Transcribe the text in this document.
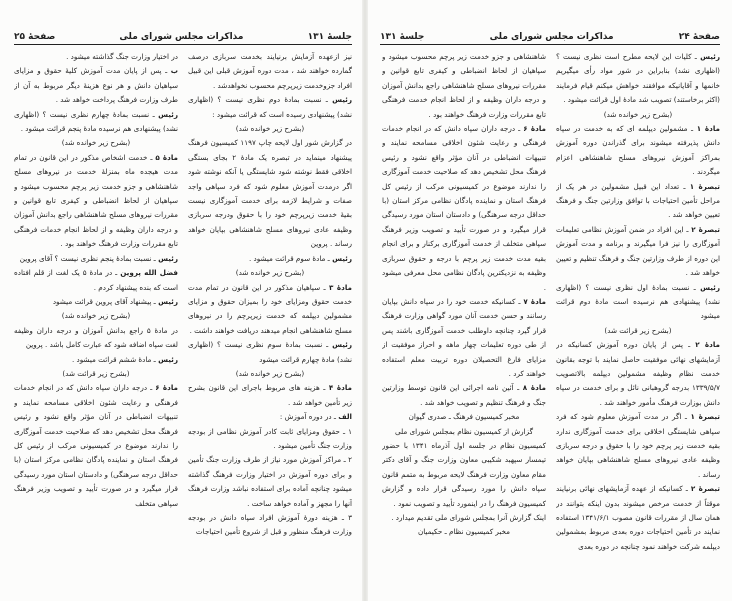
جلسهٔ ۱۳۱
مذاکرات مجلس شورای ملی
صفحهٔ ۲۵

در اختیار وزارت جنگ گذاشته میشود .

ب ـ پس از پایان مدت آموزش کلیهٔ حقوق و مزایای سپاهیان دانش و هر نوع هزینهٔ دیگر مربوط به آن از طرف وزارت فرهنگ پرداخت خواهد شد .

رئیس ـ نسبت بمادهٔ چهارم نظری نیست ؟ (اظهاری نشد) پیشنهادی هم نرسیده مادهٔ پنجم قرائت میشود .

(بشرح زیر خوانده شد)

مادهٔ ۵ ـ خدمت اشخاص مذکور در این قانون در تمام مدت هیجده ماه بمنزلهٔ خدمت در نیروهای مسلح شاهنشاهی و جزو خدمت زیر پرچم محسوب میشود و سپاهیان از لحاظ انضباطی و کیفری تابع قوانین و مقررات نیروهای مسلح شاهنشاهی راجع بدانش آموزان و درجه داران وظیفه و از لحاظ انجام خدمات فرهنگی تابع مقررات وزارت فرهنگ خواهند بود .

رئیس ـ نسبت بمادهٔ پنجم نظری نیست ؟ آقای پروین

فضل الله پروین ـ در مادهٔ ۵ یک لغت از قلم افتاده است که بنده پیشنهاد کردم .

رئیس ـ پیشنهاد آقای پروین قرائت میشود

(بشرح زیر خوانده شد)

در مادهٔ ۵ راجع بدانش آموزان و درجه داران وظیفه لغت سپاه اضافه شود که عبارت کامل باشد . پروین

رئیس ـ مادهٔ ششم قرائت میشود .

(بشرح زیر قرائت شد)

مادهٔ ۶ ـ درجه داران سپاه دانش که در انجام خدمات فرهنگی و رعایت شئون اخلاقی مسامحه نمایند و تنبیهات انضباطی در آنان مؤثر واقع نشود و رئیس فرهنگ محل تشخیص دهد که صلاحیت خدمت آموزگاری را ندارند موضوع در کمیسیونی مرکب از رئیس کل فرهنگ استان و نماینده پادگان نظامی مرکز استان (با حداقل درجه سرهنگی) و دادستان استان مورد رسیدگی قرار میگیرد و در صورت تأیید و تصویب وزیر فرهنگ سپاهی متخلف

نیز ازعهده آزمایش برنیایند بخدمت سربازی درصف گمارده خواهند شد ، مدت دوره آموزش قبلی این قبیل افراد جزوخدمت زیرپرچم محسوب نخواهدشد .

رئیس ـ نسبت بمادهٔ دوم نظری نیست ؟ (اظهاری نشد) پیشنهادی رسیده است که قرائت میشود :

(بشرح زیر خوانده شد)

در گزارش شور اول لایحه چاپ ۱۱۹۷ کمیسیون فرهنگ پیشنهاد مینماید در تبصره یک مادهٔ ۲ بجای بستگی اخلاقی فقط نوشته شود شایستگی یا آنکه نوشته شود اگر درمدت آموزش معلوم شود که فرد سپاهی واجد صفات و شرایط لازمه برای خدمت آموزگاری نیست بقیهٔ خدمت زیرپرچم خود را با حقوق ودرجه سربازی وظیفه عادی نیروهای مسلح شاهنشاهی بپایان خواهد رساند . پروین

رئیس ـ مادهٔ سوم قرائت میشود .

(بشرح زیر خوانده شد)

مادهٔ ۳ ـ سپاهیان مذکور در این قانون در تمام مدت خدمت حقوق ومزایای خود را بمیزان حقوق و مزایای مشمولین دیپلمه که خدمت زیرپرچم را در نیروهای مسلح شاهنشاهی انجام میدهند دریافت خواهند داشت .

رئیس ـ نسبت بمادهٔ سوم نظری نیست ؟ (اظهاری نشد) مادهٔ چهارم قرائت میشود

(بشرح زیر خوانده شد)

مادهٔ ۴ ـ هزینه های مربوط باجرای این قانون بشرح زیر تأمین خواهد شد .

الف ـ در دوره آموزش :

۱ ـ حقوق ومزایای ثابت کادر آموزش نظامی از بودجه وزارت جنگ تأمین میشود .

۲ ـ مراکز آموزش مورد نیاز از طرف وزارت جنگ تأمین و برای دوره آموزش در اختیار وزارت فرهنگ گذاشته میشود چنانچه آماده برای استفاده نباشد وزارت فرهنگ آنها را مجهز و آماده خواهد ساخت .

۳ ـ هزینه دورهٔ آموزش افراد سپاه دانش در بودجه وزارت فرهنگ منظور و قبل از شروع تأمین احتیاجات

صفحهٔ ۲۴
مذاکرات مجلس شورای ملی
جلسهٔ ۱۳۱

شاهنشاهی و جزو خدمت زیر پرچم محسوب میشود و سپاهیان از لحاظ انضباطی و کیفری تابع قوانین و مقررات نیروهای مسلح شاهنشاهی راجع بدانش آموزان و درجه داران وظیفه و از لحاظ انجام خدمت فرهنگی تابع مقررات وزارت فرهنگ خواهند بود .

مادهٔ ۶ ـ درجه داران سپاه دانش که در انجام خدمات فرهنگی و رعایت شئون اخلاقی مسامحه نمایند و تنبیهات انضباطی در آنان مؤثر واقع نشود و رئیس فرهنگ محل تشخیص دهد که صلاحیت خدمت آموزگاری را ندارند موضوع در کمیسیونی مرکب از رئیس کل فرهنگ استان و نماینده پادگان نظامی مرکز استان (با حداقل درجه سرهنگی) و دادستان استان مورد رسیدگی قرار میگیرد و در صورت تأیید و تصویب وزیر فرهنگ سپاهی متخلف از خدمت آموزگاری برکنار و برای انجام بقیه مدت خدمت زیر پرچم با درجه و حقوق سربازی وظیفه به نزدیکترین پادگان نظامی محل معرفی میشود .

مادهٔ ۷ ـ کسانیکه خدمت خود را در سپاه دانش بپایان رسانند و حسن خدمت آنان مورد گواهی وزارت فرهنگ قرار گیرد چنانچه داوطلب خدمت آموزگاری باشند پس از طی دوره تعلیمات چهار ماهه و احراز موفقیت از مزایای فارغ التحصیلان دوره تربیت معلم استفاده خواهند کرد .

مادهٔ ۸ ـ آئین نامه اجرائی این قانون توسط وزارتین جنگ و فرهنگ تنظیم و تصویب خواهد شد .

مخبر کمیسیون فرهنگ ـ صدری گیوان

گزارش از کمیسیون نظام بمجلس شورای ملی

کمیسیون نظام در جلسه اول آذرماه ۱۳۴۱ با حضور تیمسار سپهبد شکیبی معاون وزارت جنگ و آقای دکتر مقام معاون وزارت فرهنگ لایحه مربوط به متمم قانون سپاه دانش را مورد رسیدگی قرار داده و گزارش کمیسیون فرهنگ را در اینمورد تأیید و تصویب نمود .

اینک گزارش آنرا بمجلس شورای ملی تقدیم میدارد .

مخبر کمیسیون نظام ـ حکیمیان

رئیس ـ کلیات این لایحه مطرح است نظری نیست ؟ (اظهاری نشد) بنابراین در شور مواد رأی میگیریم خانمها و آقایانیکه موافقند خواهش میکنم قیام فرمایند (اکثر برخاستند) تصویب شد مادهٔ اول قرائت میشود .

(بشرح زیر خوانده شد)

مادهٔ ۱ ـ مشمولین دیپلمه ای که به خدمت در سپاه دانش پذیرفته میشوند برای گذراندن دوره آموزش بمراکز آموزش نیروهای مسلح شاهنشاهی اعزام میگردند .

تبصرهٔ ۱ ـ تعداد این قبیل مشمولین در هر یک از مراحل تأمین احتیاجات با توافق وزارتین جنگ و فرهنگ تعیین خواهد شد .

تبصرهٔ ۲ ـ این افراد در ضمن آموزش نظامی تعلیمات آموزگاری را نیز فرا میگیرند و برنامه و مدت آموزش این دوره از طرف وزارتین جنگ و فرهنگ تنظیم و تعیین خواهد شد .

رئیس ـ نسبت بمادهٔ اول نظری نیست ؟ (اظهاری نشد) پیشنهادی هم نرسیده است مادهٔ دوم قرائت میشود

(بشرح زیر قرائت شد)

مادهٔ ۲ ـ پس از پایان دوره آموزش کسانیکه در آزمایشهای نهائی موفقیت حاصل نمایند با توجه بقانون خدمت نظام وظیفه مشمولین دیپلمه بالاتصویب ۱۳۳۹/۵/۷ بدرجه گروهبانی نائل و برای خدمت در سپاه دانش بوزارت فرهنگ مأمور خواهند شد .

تبصرهٔ ۱ ـ اگر در مدت آموزش معلوم شود که فرد سپاهی شایستگی اخلاقی برای خدمت آموزگاری ندارد بقیه خدمت زیر پرچم خود را با حقوق و درجه سربازی وظیفه عادی نیروهای مسلح شاهنشاهی بپایان خواهد رساند .

تبصرهٔ ۲ ـ کسانیکه از عهده آزمایشهای نهائی برنیایند موقتاً از خدمت مرخص میشوند بدون اینکه بتوانند در همان سال از مقررات قانون مصوب ۱۳۴۱/۶/۱ استفاده نمایند در تأمین احتیاجات دوره بعدی مربوط بمشمولین دیپلمه شرکت خواهند نمود چنانچه در دوره بعدی
